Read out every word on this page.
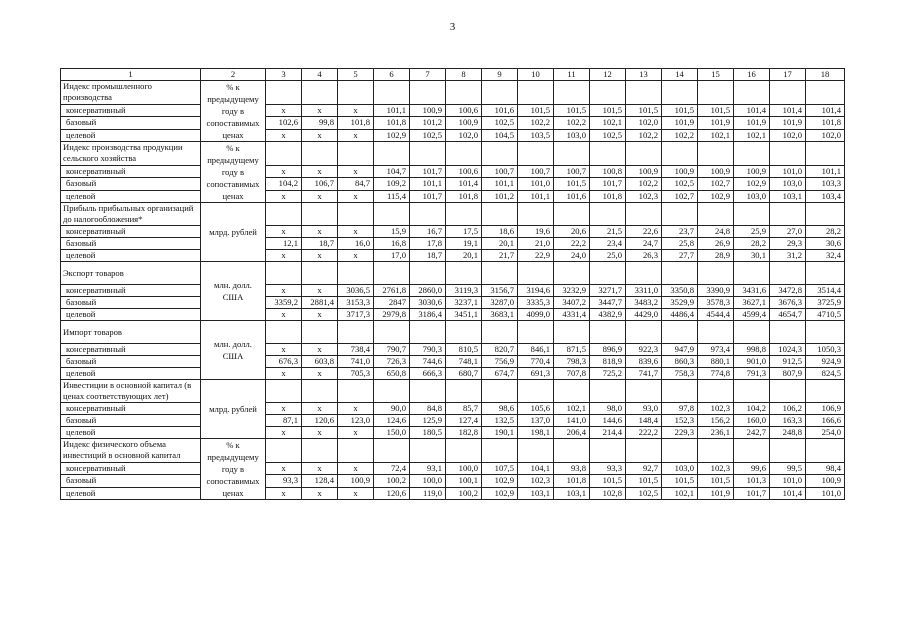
3
1	2	3	4	5	6	7	8	9	10	11	12	13	14	15	16	17	18
Индекс промышленного производства	% к предыдущему году в сопоставимых ценах																
консервативный		x	x	x	101,1	100,9	100,6	101,6	101,5	101,5	101,5	101,5	101,5	101,5	101,4	101,4	101,4
базовый		102,6	99,8	101,8	101,8	101,2	100,9	102,5	102,2	102,2	102,1	102,0	101,9	101,9	101,9	101,9	101,8
целевой		x	x	x	102,9	102,5	102,0	104,5	103,5	103,0	102,5	102,2	102,2	102,1	102,1	102,0	102,0
Индекс производства продукции сельского хозяйства	% к предыдущему году в сопоставимых ценах																
консервативный		x	x	x	104,7	101,7	100,6	100,7	100,7	100,7	100,8	100,9	100,9	100,9	100,9	101,0	101,1
базовый		104,2	106,7	84,7	109,2	101,1	101,4	101,1	101,0	101,5	101,7	102,2	102,5	102,7	102,9	103,0	103,3
целевой		x	x	x	115,4	101,7	101,8	101,2	101,1	101,6	101,8	102,3	102,7	102,9	103,0	103,1	103,4
Прибыль прибыльных организаций до налогообложения*	млрд. рублей																
консервативный		x	x	x	15,9	16,7	17,5	18,6	19,6	20,6	21,5	22,6	23,7	24,8	25,9	27,0	28,2
базовый		12,1	18,7	16,0	16,8	17,8	19,1	20,1	21,0	22,2	23,4	24,7	25,8	26,9	28,2	29,3	30,6
целевой		x	x	x	17,0	18,7	20,1	21,7	22,9	24,0	25,0	26,3	27,7	28,9	30,1	31,2	32,4
Экспорт товаров	млн. долл. США																
консервативный		x	x	3036,5	2761,8	2860,0	3119,3	3156,7	3194,6	3232,9	3271,7	3311,0	3350,8	3390,9	3431,6	3472,8	3514,4
базовый		3359,2	2881,4	3153,3	2847	3030,6	3237,1	3287,0	3335,3	3407,2	3447,7	3483,2	3529,9	3578,3	3627,1	3676,3	3725,9
целевой		x	x	3717,3	2979,8	3186,4	3451,1	3683,1	4099,0	4331,4	4382,9	4429,0	4486,4	4544,4	4599,4	4654,7	4710,5
Импорт товаров	млн. долл. США																
консервативный		x	x	738,4	790,7	790,3	810,5	820,7	846,1	871,5	896,9	922,3	947,9	973,4	998,8	1024,3	1050,3
базовый		676,3	603,8	741,0	726,3	744,6	748,1	756,9	770,4	798,3	818,9	839,6	860,3	880,1	901,0	912,5	924,9
целевой		x	x	705,3	650,8	666,3	680,7	674,7	691,3	707,8	725,2	741,7	758,3	774,8	791,3	807,9	824,5
Инвестиции в основной капитал (в ценах соответствующих лет)	млрд. рублей																
консервативный		x	x	x	90,0	84,8	85,7	98,6	105,6	102,1	98,0	93,0	97,8	102,3	104,2	106,2	106,9
базовый		87,1	120,6	123,0	124,6	125,9	127,4	132,5	137,0	141,0	144,6	148,4	152,3	156,2	160,0	163,3	166,6
целевой		x	x	x	150,0	180,5	182,8	190,1	198,1	206,4	214,4	222,2	229,3	236,1	242,7	248,8	254,0
Индекс физического объема инвестиций в основной капитал	% к предыдущему году в сопоставимых ценах																
консервативный		x	x	x	72,4	93,1	100,0	107,5	104,1	93,8	93,3	92,7	103,0	102,3	99,6	99,5	98,4
базовый		93,3	128,4	100,9	100,2	100,0	100,1	102,9	102,3	101,8	101,5	101,5	101,5	101,5	101,3	101,0	100,9
целевой		x	x	x	120,6	119,0	100,2	102,9	103,1	103,1	102,8	102,5	102,1	101,9	101,7	101,4	101,0
